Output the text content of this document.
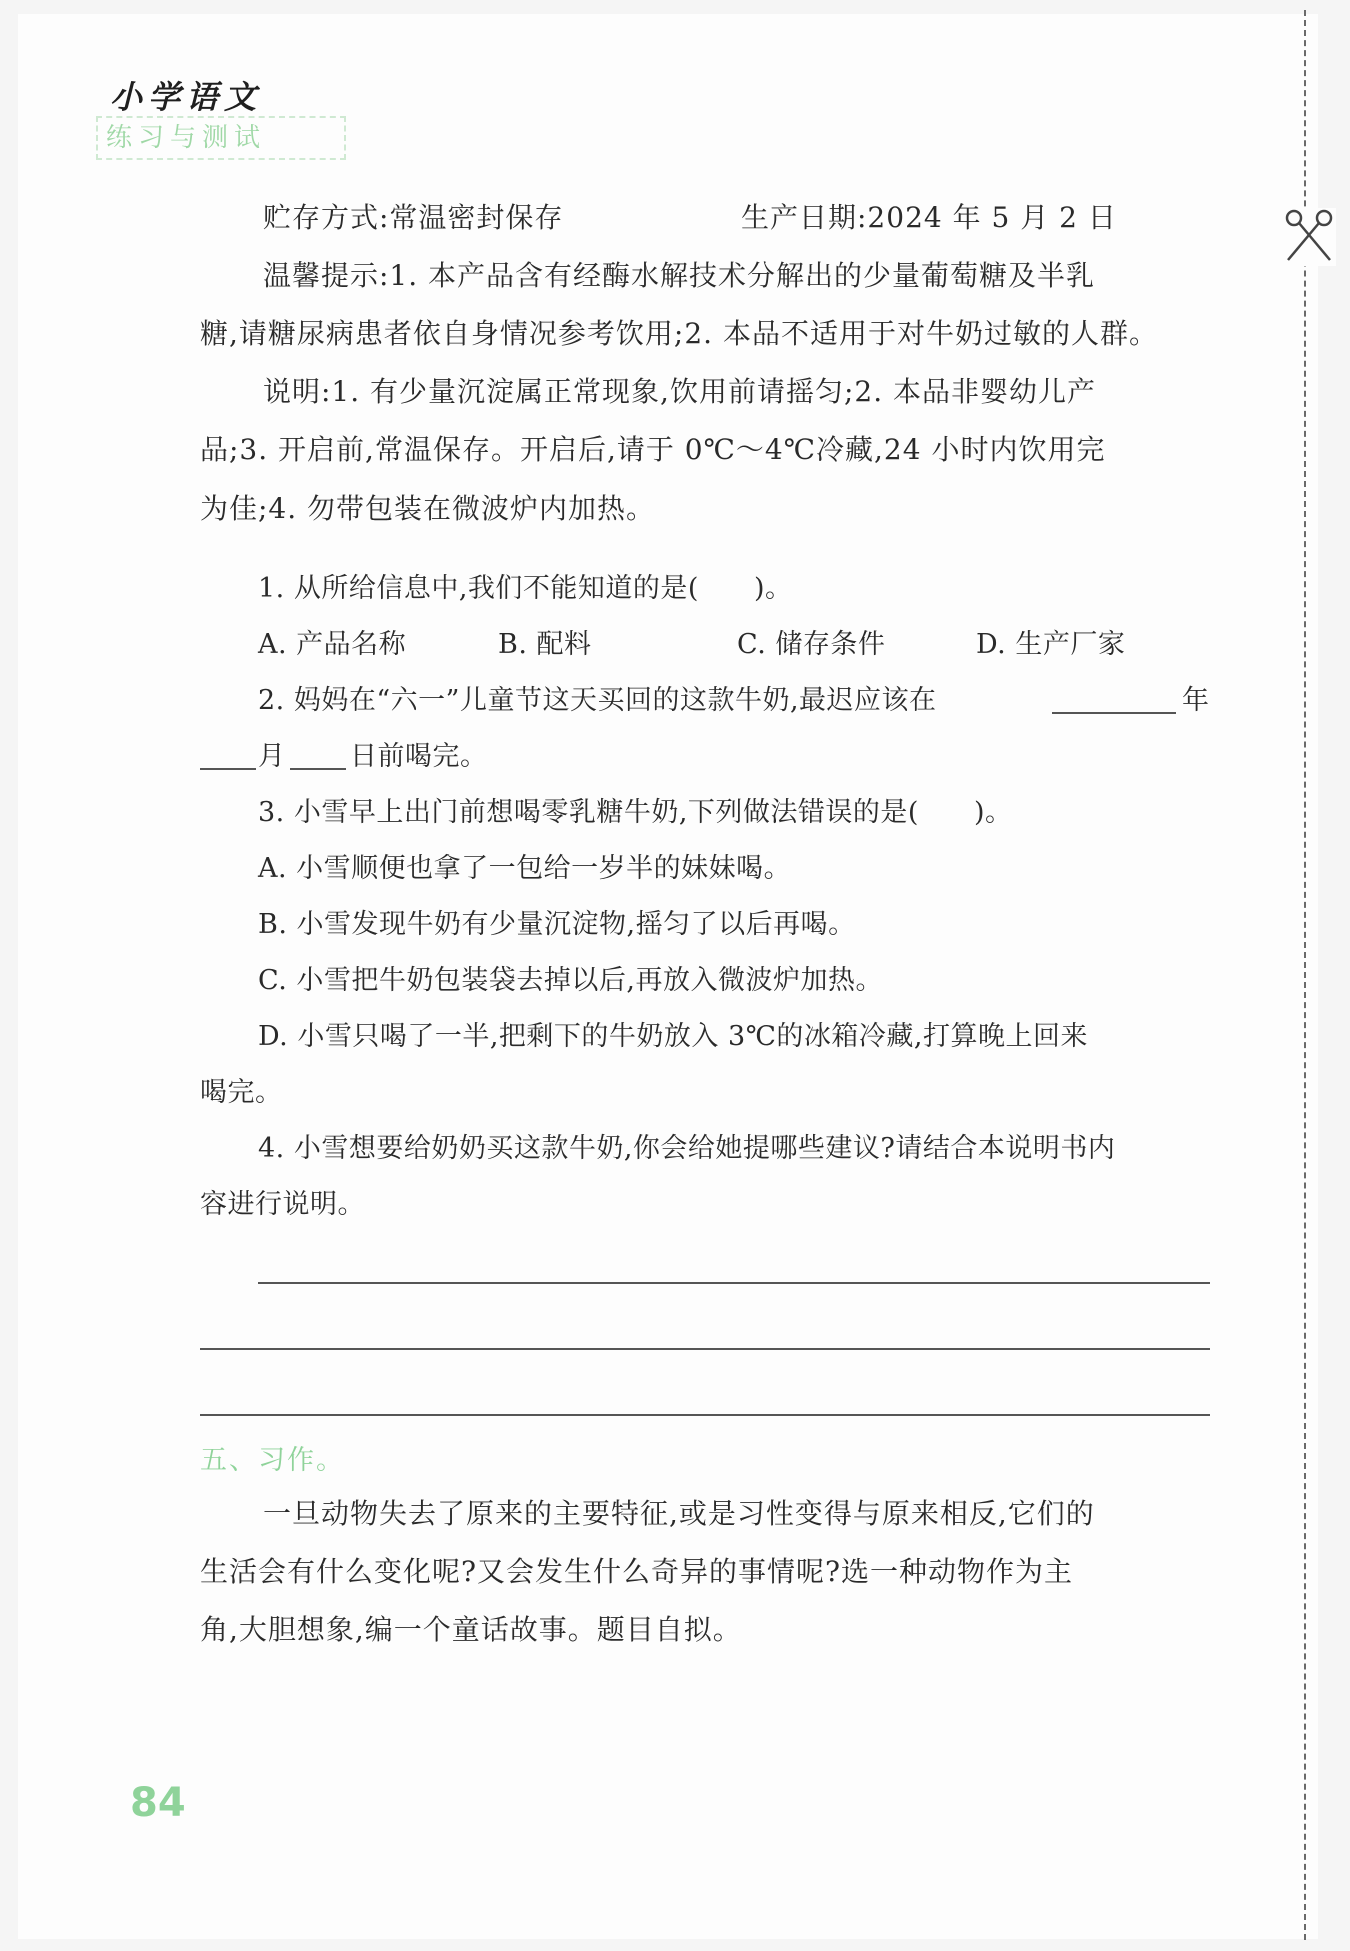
小学语文
练习与测试
贮存方式:常温密封保存	生产日期:2024 年 5 月 2 日
温馨提示:1. 本产品含有经酶水解技术分解出的少量葡萄糖及半乳
糖,请糖尿病患者依自身情况参考饮用;2. 本品不适用于对牛奶过敏的人群。
说明:1. 有少量沉淀属正常现象,饮用前请摇匀;2. 本品非婴幼儿产
品;3. 开启前,常温保存。开启后,请于 0℃～4℃冷藏,24 小时内饮用完
为佳;4. 勿带包装在微波炉内加热。
1. 从所给信息中,我们不能知道的是(　　)。
A. 产品名称	B. 配料	C. 储存条件	D. 生产厂家
2. 妈妈在“六一”儿童节这天买回的这款牛奶,最迟应该在	年
月 日前喝完。
3. 小雪早上出门前想喝零乳糖牛奶,下列做法错误的是(　　)。
A. 小雪顺便也拿了一包给一岁半的妹妹喝。
B. 小雪发现牛奶有少量沉淀物,摇匀了以后再喝。
C. 小雪把牛奶包装袋去掉以后,再放入微波炉加热。
D. 小雪只喝了一半,把剩下的牛奶放入 3℃的冰箱冷藏,打算晚上回来
喝完。
4. 小雪想要给奶奶买这款牛奶,你会给她提哪些建议?请结合本说明书内
容进行说明。
五、习作。
一旦动物失去了原来的主要特征,或是习性变得与原来相反,它们的
生活会有什么变化呢?又会发生什么奇异的事情呢?选一种动物作为主
角,大胆想象,编一个童话故事。题目自拟。
84
